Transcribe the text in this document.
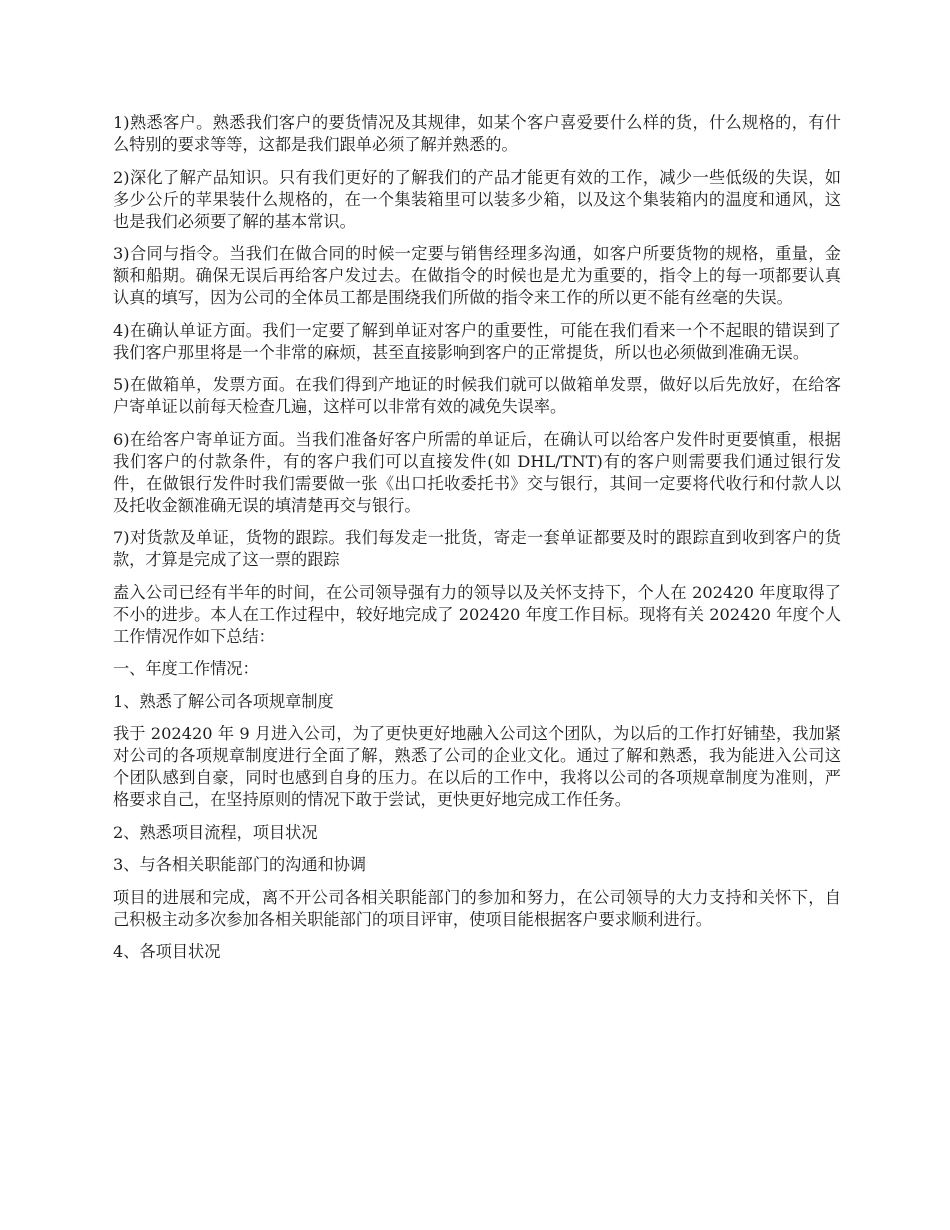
1)熟悉客户。熟悉我们客户的要货情况及其规律，如某个客户喜爱要什么样的货，什么规格的，有什么特别的要求等等，这都是我们跟单必须了解并熟悉的。

2)深化了解产品知识。只有我们更好的了解我们的产品才能更有效的工作，减少一些低级的失误，如多少公斤的苹果装什么规格的，在一个集装箱里可以装多少箱，以及这个集装箱内的温度和通风，这也是我们必须要了解的基本常识。

3)合同与指令。当我们在做合同的时候一定要与销售经理多沟通，如客户所要货物的规格，重量，金额和船期。确保无误后再给客户发过去。在做指令的时候也是尤为重要的，指令上的每一项都要认真认真的填写，因为公司的全体员工都是围绕我们所做的指令来工作的所以更不能有丝毫的失误。

4)在确认单证方面。我们一定要了解到单证对客户的重要性，可能在我们看来一个不起眼的错误到了我们客户那里将是一个非常的麻烦，甚至直接影响到客户的正常提货，所以也必须做到准确无误。

5)在做箱单，发票方面。在我们得到产地证的时候我们就可以做箱单发票，做好以后先放好，在给客户寄单证以前每天检查几遍，这样可以非常有效的减免失误率。

6)在给客户寄单证方面。当我们准备好客户所需的单证后，在确认可以给客户发件时更要慎重，根据我们客户的付款条件，有的客户我们可以直接发件(如 DHL/TNT)有的客户则需要我们通过银行发件，在做银行发件时我们需要做一张《出口托收委托书》交与银行，其间一定要将代收行和付款人以及托收金额准确无误的填清楚再交与银行。

7)对货款及单证，货物的跟踪。我们每发走一批货，寄走一套单证都要及时的跟踪直到收到客户的货款，才算是完成了这一票的跟踪

盍入公司已经有半年的时间，在公司领导强有力的领导以及关怀支持下，个人在 202420 年度取得了不小的进步。本人在工作过程中，较好地完成了 202420 年度工作目标。现将有关 202420 年度个人工作情况作如下总结：

一、年度工作情况：

1、熟悉了解公司各项规章制度

我于 202420 年 9 月进入公司，为了更快更好地融入公司这个团队，为以后的工作打好铺垫，我加紧对公司的各项规章制度进行全面了解，熟悉了公司的企业文化。通过了解和熟悉，我为能进入公司这个团队感到自豪，同时也感到自身的压力。在以后的工作中，我将以公司的各项规章制度为准则，严格要求自己，在坚持原则的情况下敢于尝试，更快更好地完成工作任务。

2、熟悉项目流程，项目状况

3、与各相关职能部门的沟通和协调

项目的进展和完成，离不开公司各相关职能部门的参加和努力，在公司领导的大力支持和关怀下，自己积极主动多次参加各相关职能部门的项目评审，使项目能根据客户要求顺利进行。

4、各项目状况
